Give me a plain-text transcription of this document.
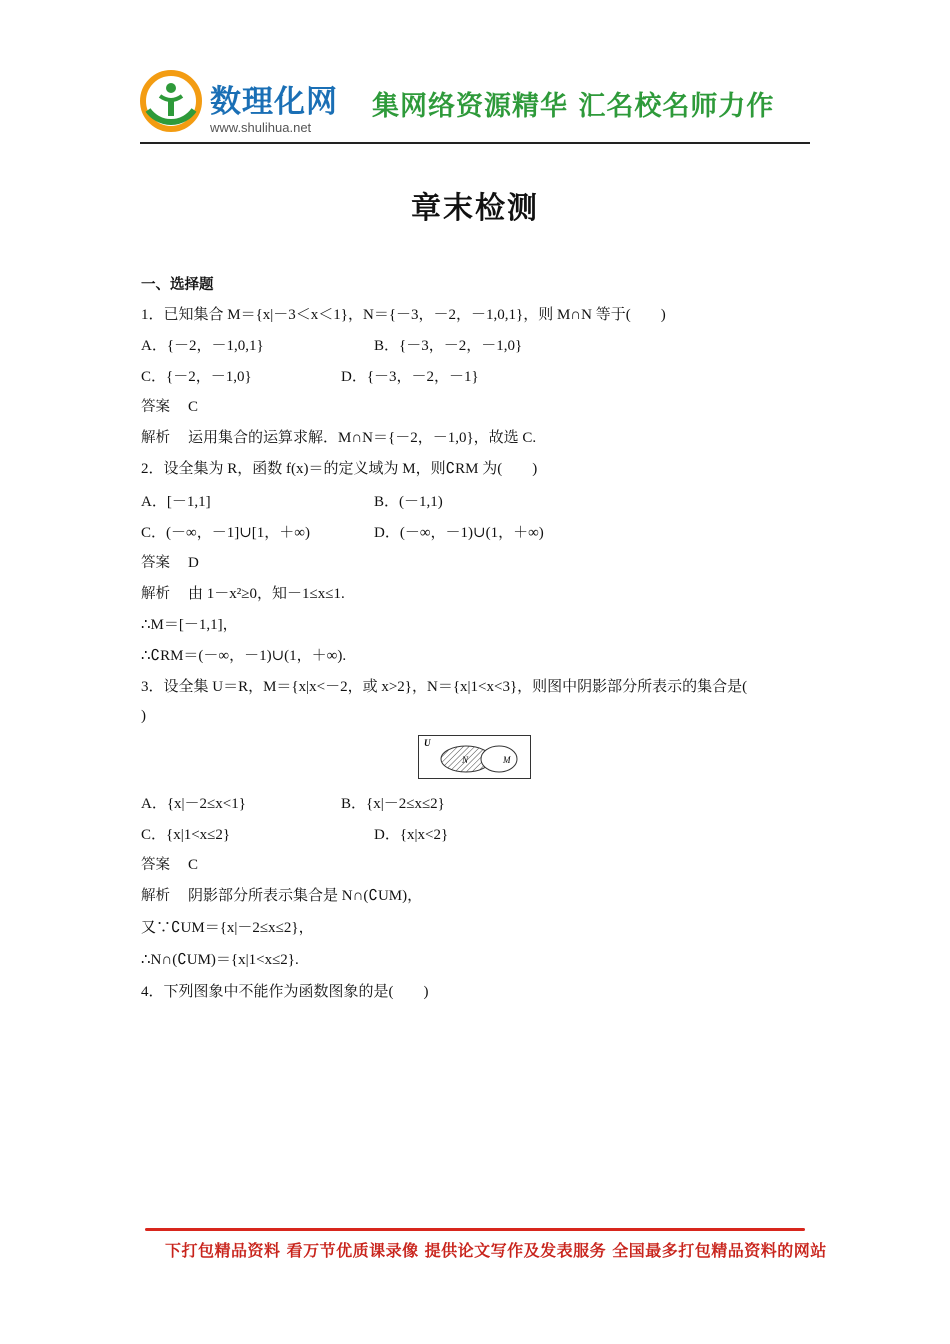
数理化网
www.shulihua.net
集网络资源精华 汇名校名师力作
章末检测
一、选择题
1．已知集合 M＝{x|－3＜x＜1}，N＝{－3，－2，－1,0,1}，则 M∩N 等于(　　)
A．{－2，－1,0,1}	B．{－3，－2，－1,0}
C．{－2，－1,0}	D．{－3，－2，－1}
答案 C
解析 运用集合的运算求解．M∩N＝{－2，－1,0}，故选 C.
2．设全集为 R，函数 f(x)＝的定义域为 M，则∁RM 为(　　)
A．[－1,1]	B．(－1,1)
C．(－∞，－1]∪[1，＋∞)	D．(－∞，－1)∪(1，＋∞)
答案 D
解析 由 1－x²≥0，知－1≤x≤1.
∴M＝[－1,1]，
∴∁RM＝(－∞，－1)∪(1，＋∞).
3．设全集 U＝R，M＝{x|x<－2，或 x>2}，N＝{x|1<x<3}，则图中阴影部分所表示的集合是(
)
U
N	M
A．{x|－2≤x<1}	B．{x|－2≤x≤2}
C．{x|1<x≤2}	D．{x|x<2}
答案 C
解析 阴影部分所表示集合是 N∩(∁UM)，
又∵∁UM＝{x|－2≤x≤2}，
∴N∩(∁UM)＝{x|1<x≤2}.
4．下列图象中不能作为函数图象的是(　　)
下打包精品资料 看万节优质课录像 提供论文写作及发表服务 全国最多打包精品资料的网站
